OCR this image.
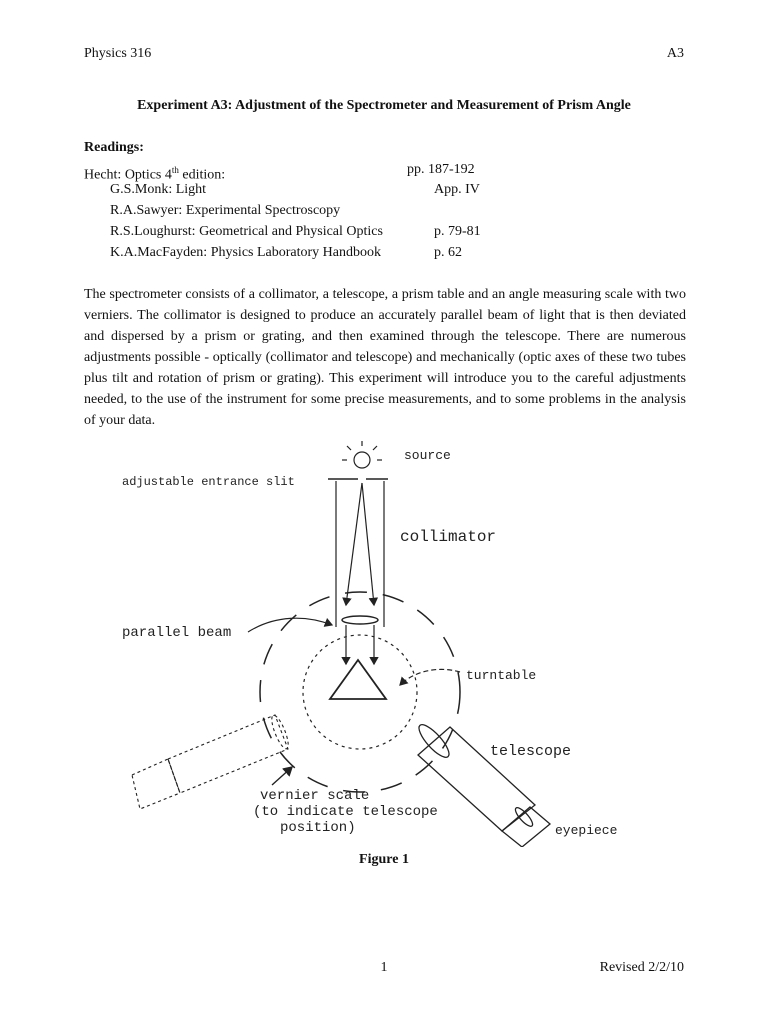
Physics 316	A3
Experiment A3: Adjustment of the Spectrometer and Measurement of Prism Angle
Readings:
Hecht: Optics 4th edition:	pp. 187-192
G.S.Monk: Light	App. IV
R.A.Sawyer: Experimental Spectroscopy
R.S.Loughurst: Geometrical and Physical Optics	p. 79-81
K.A.MacFayden: Physics Laboratory Handbook	p. 62
The spectrometer consists of a collimator, a telescope, a prism table and an angle measuring scale with two verniers. The collimator is designed to produce an accurately parallel beam of light that is then deviated and dispersed by a prism or grating, and then examined through the telescope. There are numerous adjustments possible - optically (collimator and telescope) and mechanically (optic axes of these two tubes plus tilt and rotation of prism or grating). This experiment will introduce you to the careful adjustments needed, to the use of the instrument for some precise measurements, and to some problems in the analysis of your data.
source
adjustable entrance slit
collimator
parallel beam
turntable
telescope
vernier scale
(to indicate telescope
position)	eyepiece
Figure 1
1	Revised 2/2/10
